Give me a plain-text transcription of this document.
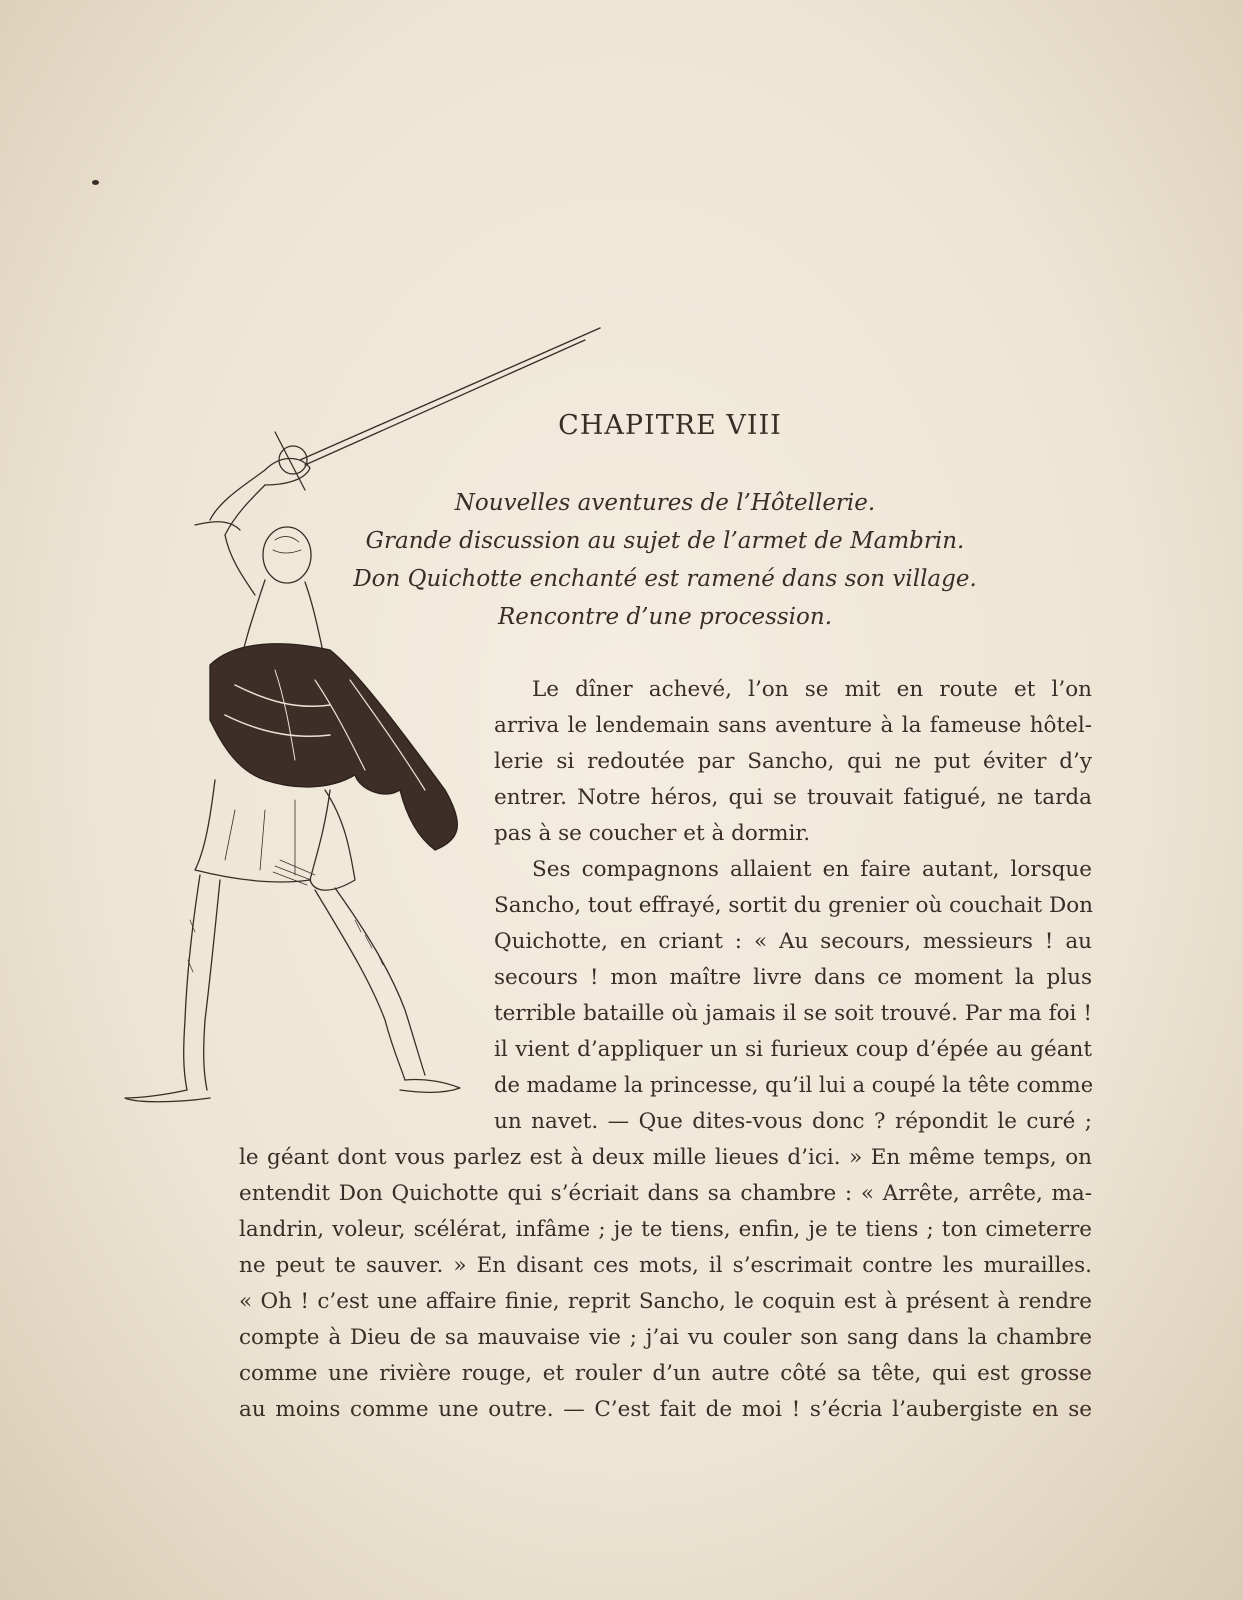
CHAPITRE VIII
Nouvelles aventures de l’Hôtellerie.
Grande discussion au sujet de l’armet de Mambrin.
Don Quichotte enchanté est ramené dans son village.
Rencontre d’une procession.
Le dîner achevé, l’on se mit en route et l’on
arriva le lendemain sans aventure à la fameuse hôtel-
lerie si redoutée par Sancho, qui ne put éviter d’y
entrer. Notre héros, qui se trouvait fatigué, ne tarda
pas à se coucher et à dormir.
Ses compagnons allaient en faire autant, lorsque
Sancho, tout effrayé, sortit du grenier où couchait Don
Quichotte, en criant : « Au secours, messieurs ! au
secours ! mon maître livre dans ce moment la plus
terrible bataille où jamais il se soit trouvé. Par ma foi !
il vient d’appliquer un si furieux coup d’épée au géant
de madame la princesse, qu’il lui a coupé la tête comme
un navet. — Que dites-vous donc ? répondit le curé ;
le géant dont vous parlez est à deux mille lieues d’ici. » En même temps, on
entendit Don Quichotte qui s’écriait dans sa chambre : « Arrête, arrête, ma-
landrin, voleur, scélérat, infâme ; je te tiens, enfin, je te tiens ; ton cimeterre
ne peut te sauver. » En disant ces mots, il s’escrimait contre les murailles.
« Oh ! c’est une affaire finie, reprit Sancho, le coquin est à présent à rendre
compte à Dieu de sa mauvaise vie ; j’ai vu couler son sang dans la chambre
comme une rivière rouge, et rouler d’un autre côté sa tête, qui est grosse
au moins comme une outre. — C’est fait de moi ! s’écria l’aubergiste en se
